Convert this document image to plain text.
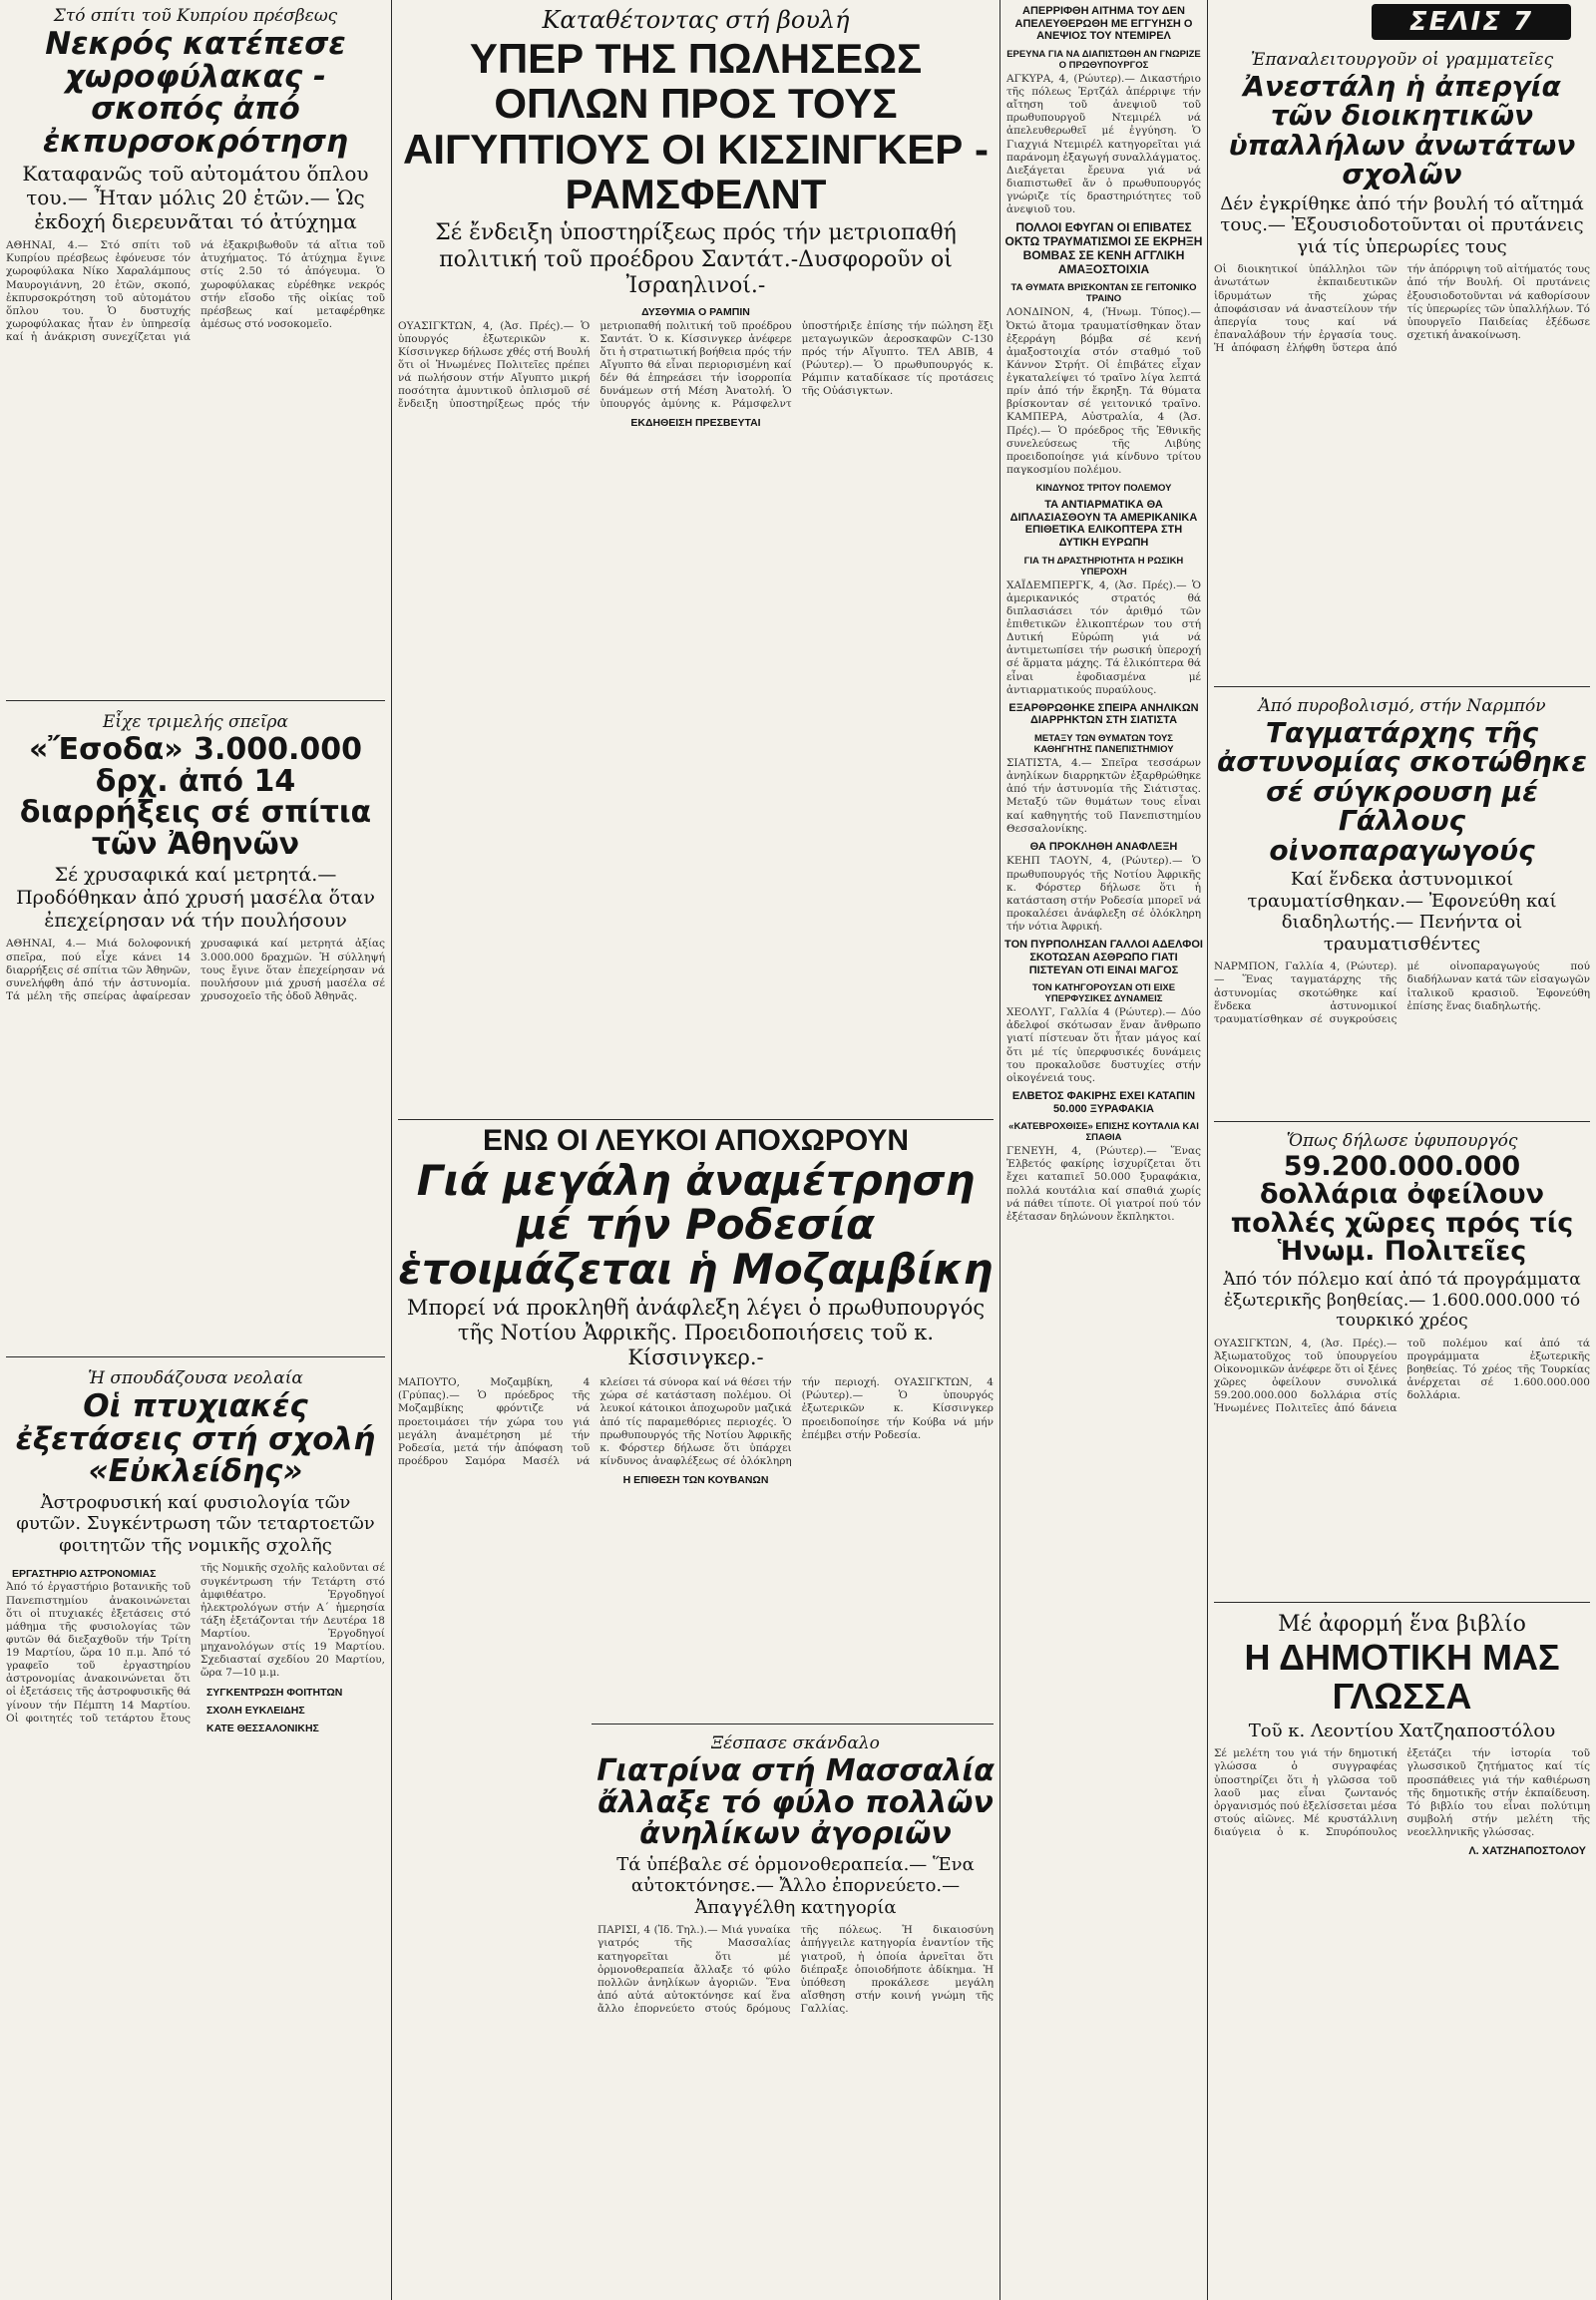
ΣΕΛΙΣ 7
Στό σπίτι τοῦ Κυπρίου πρέσβεως
Νεκρός κατέπεσε χωροφύλακας - σκοπός ἀπό ἐκπυρσοκρότηση
Καταφανῶς τοῦ αὐτομάτου ὅπλου του.— Ἦταν μόλις 20 ἐτῶν.— Ὡς ἐκδοχή διερευνᾶται τό ἀτύχημα
ΑΘΗΝΑΙ, 4.— Στό σπίτι τοῦ Κυπρίου πρέσβεως ἐφόνευσε τόν χωροφύλακα Νίκο Χαραλάμπους Μαυρογιάννη, 20 ἐτῶν, σκοπό, ἐκπυρσοκρότηση τοῦ αὐτομάτου ὅπλου του. Ὁ δυστυχής χωροφύλακας ἦταν ἐν ὑπηρεσίᾳ καί ἡ ἀνάκριση συνεχίζεται γιά νά ἐξακριβωθοῦν τά αἴτια τοῦ ἀτυχήματος. Τό ἀτύχημα ἔγινε στίς 2.50 τό ἀπόγευμα. Ὁ χωροφύλακας εὑρέθηκε νεκρός στήν εἴσοδο τῆς οἰκίας τοῦ πρέσβεως καί μεταφέρθηκε ἀμέσως στό νοσοκομεῖο.
Εἶχε τριμελής σπεῖρα
«Ἔσοδα» 3.000.000 δρχ. ἀπό 14 διαρρήξεις σέ σπίτια τῶν Ἀθηνῶν
Σέ χρυσαφικά καί μετρητά.— Προδόθηκαν ἀπό χρυσή μασέλα ὅταν ἐπεχείρησαν νά τήν πουλήσουν
ΑΘΗΝΑΙ, 4.— Μιά δολοφονική σπεῖρα, πού εἶχε κάνει 14 διαρρήξεις σέ σπίτια τῶν Ἀθηνῶν, συνελήφθη ἀπό τήν ἀστυνομία. Τά μέλη τῆς σπείρας ἀφαίρεσαν χρυσαφικά καί μετρητά ἀξίας 3.000.000 δραχμῶν. Ἡ σύλληψή τους ἔγινε ὅταν ἐπεχείρησαν νά πουλήσουν μιά χρυσή μασέλα σέ χρυσοχοεῖο τῆς ὁδοῦ Ἀθηνᾶς.
Ἡ σπουδάζουσα νεολαία
Οἱ πτυχιακές ἐξετάσεις στή σχολή «Εὐκλείδης»
Ἀστροφυσική καί φυσιολογία τῶν φυτῶν. Συγκέντρωση τῶν τεταρτοετῶν φοιτητῶν τῆς νομικῆς σχολῆς
ΕΡΓΑΣΤΗΡΙΟ ΑΣΤΡΟΝΟΜΙΑΣ
Ἀπό τό ἐργαστήριο βοτανικῆς τοῦ Πανεπιστημίου ἀνακοινώνεται ὅτι οἱ πτυχιακές ἐξετάσεις στό μάθημα τῆς φυσιολογίας τῶν φυτῶν θά διεξαχθοῦν τήν Τρίτη 19 Μαρτίου, ὥρα 10 π.μ. Ἀπό τό γραφεῖο τοῦ ἐργαστηρίου ἀστρονομίας ἀνακοινώνεται ὅτι οἱ ἐξετάσεις τῆς ἀστροφυσικῆς θά γίνουν τήν Πέμπτη 14 Μαρτίου. Οἱ φοιτητές τοῦ τετάρτου ἔτους τῆς Νομικῆς σχολῆς καλοῦνται σέ συγκέντρωση τήν Τετάρτη στό ἀμφιθέατρο. Ἐργοδηγοί ἠλεκτρολόγων στήν Α΄ ἡμερησία τάξη ἐξετάζονται τήν Δευτέρα 18 Μαρτίου. Ἐργοδηγοί μηχανολόγων στίς 19 Μαρτίου. Σχεδιασταί σχεδίου 20 Μαρτίου, ὥρα 7—10 μ.μ.
ΣΥΓΚΕΝΤΡΩΣΗ ΦΟΙΤΗΤΩΝ
ΣΧΟΛΗ ΕΥΚΛΕΙΔΗΣ
ΚΑΤΕ ΘΕΣΣΑΛΟΝΙΚΗΣ
Καταθέτοντας στή βουλή
ΥΠΕΡ ΤΗΣ ΠΩΛΗΣΕΩΣ ΟΠΛΩΝ ΠΡΟΣ ΤΟΥΣ ΑΙΓΥΠΤΙΟΥΣ ΟΙ ΚΙΣΣΙΝΓΚΕΡ - ΡΑΜΣΦΕΛΝΤ
Σέ ἔνδειξη ὑποστηρίξεως πρός τήν μετριοπαθή πολιτική τοῦ προέδρου Σαντάτ.-Δυσφοροῦν οἱ Ἰσραηλινοί.-
ΔΥΣΘΥΜΙΑ Ο ΡΑΜΠΙΝ
ΟΥΑΣΙΓΚΤΩΝ, 4, (Ἀσ. Πρές).— Ὁ ὑπουργός ἐξωτερικῶν κ. Κίσσινγκερ δήλωσε χθές στή Βουλή ὅτι οἱ Ἡνωμένες Πολιτεῖες πρέπει νά πωλήσουν στήν Αἴγυπτο μικρή ποσότητα ἀμυντικοῦ ὁπλισμοῦ σέ ἔνδειξη ὑποστηρίξεως πρός τήν μετριοπαθή πολιτική τοῦ προέδρου Σαντάτ. Ὁ κ. Κίσσινγκερ ἀνέφερε ὅτι ἡ στρατιωτική βοήθεια πρός τήν Αἴγυπτο θά εἶναι περιορισμένη καί δέν θά ἐπηρεάσει τήν ἰσορροπία δυνάμεων στή Μέση Ἀνατολή. Ὁ ὑπουργός ἀμύνης κ. Ράμσφελντ ὑποστήριξε ἐπίσης τήν πώληση ἕξι μεταγωγικῶν ἀεροσκαφῶν C-130 πρός τήν Αἴγυπτο. ΤΕΛ ΑΒΙΒ, 4 (Ρώυτερ).— Ὁ πρωθυπουργός κ. Ράμπιν καταδίκασε τίς προτάσεις τῆς Οὐάσιγκτων.
ΕΚΔΗΘΕΙΣΗ ΠΡΕΣΒΕΥΤΑΙ
ΕΝΩ ΟΙ ΛΕΥΚΟΙ ΑΠΟΧΩΡΟΥΝ
Γιά μεγάλη ἀναμέτρηση μέ τήν Ροδεσία ἑτοιμάζεται ἡ Μοζαμβίκη
Μπορεί νά προκληθῆ ἀνάφλεξη λέγει ὁ πρωθυπουργός τῆς Νοτίου Ἀφρικῆς. Προειδοποιήσεις τοῦ κ. Κίσσινγκερ.-
ΜΑΠΟΥΤΟ, Μοζαμβίκη, 4 (Γρύπας).— Ὁ πρόεδρος τῆς Μοζαμβίκης φρόντιζε νά προετοιμάσει τήν χώρα του γιά μεγάλη ἀναμέτρηση μέ τήν Ροδεσία, μετά τήν ἀπόφαση τοῦ προέδρου Σαμόρα Μασέλ νά κλείσει τά σύνορα καί νά θέσει τήν χώρα σέ κατάσταση πολέμου. Οἱ λευκοί κάτοικοι ἀποχωροῦν μαζικά ἀπό τίς παραμεθόριες περιοχές. Ὁ πρωθυπουργός τῆς Νοτίου Ἀφρικῆς κ. Φόρστερ δήλωσε ὅτι ὑπάρχει κίνδυνος ἀναφλέξεως σέ ὁλόκληρη τήν περιοχή. ΟΥΑΣΙΓΚΤΩΝ, 4 (Ρώυτερ).— Ὁ ὑπουργός ἐξωτερικῶν κ. Κίσσινγκερ προειδοποίησε τήν Κούβα νά μήν ἐπέμβει στήν Ροδεσία.
Η ΕΠΙΘΕΣΗ ΤΩΝ ΚΟΥΒΑΝΩΝ
Ξέσπασε σκάνδαλο
Γιατρίνα στή Μασσαλία ἄλλαξε τό φύλο πολλῶν ἀνηλίκων ἀγοριῶν
Τά ὑπέβαλε σέ ὁρμονοθεραπεία.— Ἕνα αὐτοκτόνησε.— Ἄλλο ἐπορνεύετο.— Ἀπαγγέλθη κατηγορία
ΠΑΡΙΣΙ, 4 (Ἰδ. Τηλ.).— Μιά γυναίκα γιατρός τῆς Μασσαλίας κατηγορεῖται ὅτι μέ ὁρμονοθεραπεία ἄλλαξε τό φύλο πολλῶν ἀνηλίκων ἀγοριῶν. Ἕνα ἀπό αὐτά αὐτοκτόνησε καί ἕνα ἄλλο ἐπορνεύετο στούς δρόμους τῆς πόλεως. Ἡ δικαιοσύνη ἀπήγγειλε κατηγορία ἐναντίον τῆς γιατροῦ, ἡ ὁποία ἀρνεῖται ὅτι διέπραξε ὁποιοδήποτε ἀδίκημα. Ἡ ὑπόθεση προκάλεσε μεγάλη αἴσθηση στήν κοινή γνώμη τῆς Γαλλίας.
ΑΠΕΡΡΙΦΘΗ ΑΙΤΗΜΑ ΤΟΥ ΔΕΝ ΑΠΕΛΕΥΘΕΡΩΘΗ ΜΕ ΕΓΓΥΗΣΗ Ο ΑΝΕΨΙΟΣ ΤΟΥ ΝΤΕΜΙΡΕΛ
ΕΡΕΥΝΑ ΓΙΑ ΝΑ ΔΙΑΠΙΣΤΩΘΗ ΑΝ ΓΝΩΡΙΖΕ Ο ΠΡΩΘΥΠΟΥΡΓΟΣ
ΑΓΚΥΡΑ, 4, (Ρώυτερ).— Δικαστήριο τῆς πόλεως Ἐρτζάλ ἀπέρριψε τήν αἴτηση τοῦ ἀνεψιοῦ τοῦ πρωθυπουργοῦ Ντεμιρέλ νά ἀπελευθερωθεῖ μέ ἐγγύηση. Ὁ Γιαχγιά Ντεμιρέλ κατηγορεῖται γιά παράνομη ἐξαγωγή συναλλάγματος. Διεξάγεται ἔρευνα γιά νά διαπιστωθεῖ ἄν ὁ πρωθυπουργός γνώριζε τίς δραστηριότητες τοῦ ἀνεψιοῦ του.
ΠΟΛΛΟΙ ΕΦΥΓΑΝ ΟΙ ΕΠΙΒΑΤΕΣ ΟΚΤΩ ΤΡΑΥΜΑΤΙΣΜΟΙ ΣΕ ΕΚΡΗΞΗ ΒΟΜΒΑΣ ΣΕ ΚΕΝΗ ΑΓΓΛΙΚΗ ΑΜΑΞΟΣΤΟΙΧΙΑ
ΤΑ ΘΥΜΑΤΑ ΒΡΙΣΚΟΝΤΑΝ ΣΕ ΓΕΙΤΟΝΙΚΟ ΤΡΑΙΝΟ
ΛΟΝΔΙΝΟΝ, 4, (Ἡνωμ. Τύπος).— Ὀκτώ ἄτομα τραυματίσθηκαν ὅταν ἐξερράγη βόμβα σέ κενή ἀμαξοστοιχία στόν σταθμό τοῦ Κάννον Στρήτ. Οἱ ἐπιβάτες εἶχαν ἐγκαταλείψει τό τραῖνο λίγα λεπτά πρίν ἀπό τήν ἔκρηξη. Τά θύματα βρίσκονταν σέ γειτονικό τραῖνο. ΚΑΜΠΕΡΑ, Αὐστραλία, 4 (Ἀσ. Πρές).— Ὁ πρόεδρος τῆς Ἐθνικῆς συνελεύσεως τῆς Λιβύης προειδοποίησε γιά κίνδυνο τρίτου παγκοσμίου πολέμου.
ΚΙΝΔΥΝΟΣ ΤΡΙΤΟΥ ΠΟΛΕΜΟΥ
ΤΑ ΑΝΤΙΑΡΜΑΤΙΚΑ ΘΑ ΔΙΠΛΑΣΙΑΣΘΟΥΝ ΤΑ ΑΜΕΡΙΚΑΝΙΚΑ ΕΠΙΘΕΤΙΚΑ ΕΛΙΚΟΠΤΕΡΑ ΣΤΗ ΔΥΤΙΚΗ ΕΥΡΩΠΗ
ΓΙΑ ΤΗ ΔΡΑΣΤΗΡΙΟΤΗΤΑ Η ΡΩΣΙΚΗ ΥΠΕΡΟΧΗ
ΧΑΪΔΕΜΠΕΡΓΚ, 4, (Ἀσ. Πρές).— Ὁ ἀμερικανικός στρατός θά διπλασιάσει τόν ἀριθμό τῶν ἐπιθετικῶν ἑλικοπτέρων του στή Δυτική Εὐρώπη γιά νά ἀντιμετωπίσει τήν ρωσική ὑπεροχή σέ ἅρματα μάχης. Τά ἑλικόπτερα θά εἶναι ἐφοδιασμένα μέ ἀντιαρματικούς πυραύλους.
ΕΞΑΡΘΡΩΘΗΚΕ ΣΠΕΙΡΑ ΑΝΗΛΙΚΩΝ ΔΙΑΡΡΗΚΤΩΝ ΣΤΗ ΣΙΑΤΙΣΤΑ
ΜΕΤΑΞΥ ΤΩΝ ΘΥΜΑΤΩΝ ΤΟΥΣ ΚΑΘΗΓΗΤΗΣ ΠΑΝΕΠΙΣΤΗΜΙΟΥ
ΣΙΑΤΙΣΤΑ, 4.— Σπεῖρα τεσσάρων ἀνηλίκων διαρρηκτῶν ἐξαρθρώθηκε ἀπό τήν ἀστυνομία τῆς Σιάτιστας. Μεταξύ τῶν θυμάτων τους εἶναι καί καθηγητής τοῦ Πανεπιστημίου Θεσσαλονίκης.
ΘΑ ΠΡΟΚΛΗΘΗ ΑΝΑΦΛΕΞΗ
ΚΕΗΠ ΤΑΟΥΝ, 4, (Ρώυτερ).— Ὁ πρωθυπουργός τῆς Νοτίου Ἀφρικῆς κ. Φόρστερ δήλωσε ὅτι ἡ κατάσταση στήν Ροδεσία μπορεῖ νά προκαλέσει ἀνάφλεξη σέ ὁλόκληρη τήν νότια Ἀφρική.
ΤΟΝ ΠΥΡΠΟΛΗΣΑΝ ΓΑΛΛΟΙ ΑΔΕΛΦΟΙ ΣΚΟΤΩΣΑΝ ΑΣΘΡΩΠΟ ΓΙΑΤΙ ΠΙΣΤΕΥΑΝ ΟΤΙ ΕΙΝΑΙ ΜΑΓΟΣ
ΤΟΝ ΚΑΤΗΓΟΡΟΥΣΑΝ ΟΤΙ ΕΙΧΕ ΥΠΕΡΦΥΣΙΚΕΣ ΔΥΝΑΜΕΙΣ
ΧΕΟΛΥΓ, Γαλλία 4 (Ρώυτερ).— Δύο ἀδελφοί σκότωσαν ἕναν ἄνθρωπο γιατί πίστευαν ὅτι ἦταν μάγος καί ὅτι μέ τίς ὑπερφυσικές δυνάμεις του προκαλοῦσε δυστυχίες στήν οἰκογένειά τους.
ΕΛΒΕΤΟΣ ΦΑΚΙΡΗΣ ΕΧΕΙ ΚΑΤΑΠΙΝ 50.000 ΞΥΡΑΦΑΚΙΑ
«ΚΑΤΕΒΡΟΧΘΙΣΕ» ΕΠΙΣΗΣ ΚΟΥΤΑΛΙΑ ΚΑΙ ΣΠΑΘΙΑ
ΓΕΝΕΥΗ, 4, (Ρώυτερ).— Ἕνας Ἐλβετός φακίρης ἰσχυρίζεται ὅτι ἔχει καταπιεῖ 50.000 ξυραφάκια, πολλά κουτάλια καί σπαθιά χωρίς νά πάθει τίποτε. Οἱ γιατροί πού τόν ἐξέτασαν δηλώνουν ἔκπληκτοι.
Ἐπαναλειτουργοῦν οἱ γραμματεῖες
Ἀνεστάλη ἡ ἀπεργία τῶν διοικητικῶν ὑπαλλήλων ἀνωτάτων σχολῶν
Δέν ἐγκρίθηκε ἀπό τήν βουλή τό αἴτημά τους.— Ἐξουσιοδοτοῦνται οἱ πρυτάνεις γιά τίς ὑπερωρίες τους
Οἱ διοικητικοί ὑπάλληλοι τῶν ἀνωτάτων ἐκπαιδευτικῶν ἱδρυμάτων τῆς χώρας ἀποφάσισαν νά ἀναστείλουν τήν ἀπεργία τους καί νά ἐπαναλάβουν τήν ἐργασία τους. Ἡ ἀπόφαση ἐλήφθη ὕστερα ἀπό τήν ἀπόρριψη τοῦ αἰτήματός τους ἀπό τήν Βουλή. Οἱ πρυτάνεις ἐξουσιοδοτοῦνται νά καθορίσουν τίς ὑπερωρίες τῶν ὑπαλλήλων. Τό ὑπουργεῖο Παιδείας ἐξέδωσε σχετική ἀνακοίνωση.
Ἀπό πυροβολισμό, στήν Ναρμπόν
Ταγματάρχης τῆς ἀστυνομίας σκοτώθηκε σέ σύγκρουση μέ Γάλλους οἰνοπαραγωγούς
Καί ἕνδεκα ἀστυνομικοί τραυματίσθηκαν.— Ἐφονεύθη καί διαδηλωτής.— Πενήντα οἱ τραυματισθέντες
ΝΑΡΜΠΟΝ, Γαλλία 4, (Ρώυτερ).— Ἕνας ταγματάρχης τῆς ἀστυνομίας σκοτώθηκε καί ἕνδεκα ἀστυνομικοί τραυματίσθηκαν σέ συγκρούσεις μέ οἰνοπαραγωγούς πού διαδήλωναν κατά τῶν εἰσαγωγῶν ἰταλικοῦ κρασιοῦ. Ἐφονεύθη ἐπίσης ἕνας διαδηλωτής.
Ὅπως δήλωσε ὑφυπουργός
59.200.000.000 δολλάρια ὀφείλουν πολλές χῶρες πρός τίς Ἡνωμ. Πολιτεῖες
Ἀπό τόν πόλεμο καί ἀπό τά προγράμματα ἐξωτερικῆς βοηθείας.— 1.600.000.000 τό τουρκικό χρέος
ΟΥΑΣΙΓΚΤΩΝ, 4, (Ἀσ. Πρές).— Ἀξιωματοῦχος τοῦ ὑπουργείου Οἰκονομικῶν ἀνέφερε ὅτι οἱ ξένες χῶρες ὀφείλουν συνολικά 59.200.000.000 δολλάρια στίς Ἡνωμένες Πολιτεῖες ἀπό δάνεια τοῦ πολέμου καί ἀπό τά προγράμματα ἐξωτερικῆς βοηθείας. Τό χρέος τῆς Τουρκίας ἀνέρχεται σέ 1.600.000.000 δολλάρια.
Μέ ἀφορμή ἕνα βιβλίο
Η ΔΗΜΟΤΙΚΗ ΜΑΣ ΓΛΩΣΣΑ
Τοῦ κ. Λεοντίου Χατζηαποστόλου
Σέ μελέτη του γιά τήν δημοτική γλώσσα ὁ συγγραφέας ὑποστηρίζει ὅτι ἡ γλῶσσα τοῦ λαοῦ μας εἶναι ζωντανός ὀργανισμός πού ἐξελίσσεται μέσα στούς αἰῶνες. Μέ κρυστάλλινη διαύγεια ὁ κ. Σπυρόπουλος ἐξετάζει τήν ἱστορία τοῦ γλωσσικοῦ ζητήματος καί τίς προσπάθειες γιά τήν καθιέρωση τῆς δημοτικῆς στήν ἐκπαίδευση. Τό βιβλίο του εἶναι πολύτιμη συμβολή στήν μελέτη τῆς νεοελληνικῆς γλώσσας.
Λ. ΧΑΤΖΗΑΠΟΣΤΟΛΟΥ
